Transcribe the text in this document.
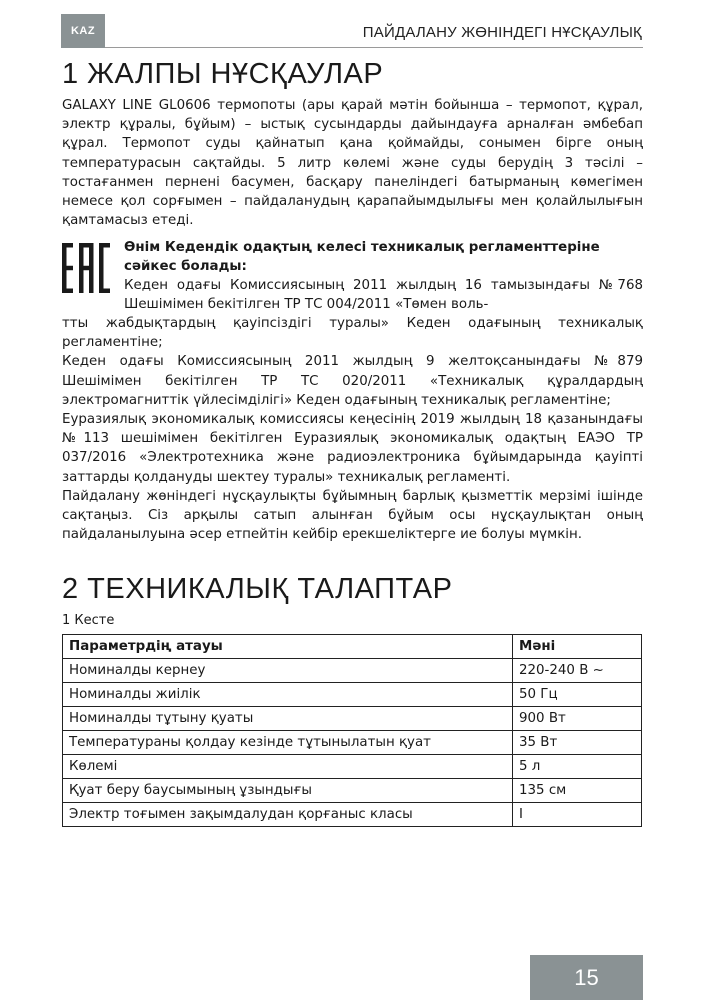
KAZ	ПАЙДАЛАНУ ЖӨНІНДЕГІ НҰСҚАУЛЫҚ
1 ЖАЛПЫ НҰСҚАУЛАР

GALAXY LINE GL0606 термопоты (ары қарай мәтін бойынша – термопот, құрал, электр құралы, бұйым) – ыстық сусындарды дайындауға арналған әмбебап құрал. Термопот суды қайнатып қана қоймайды, сонымен бірге оның температурасын сақтайды. 5 литр көлемі және суды берудің 3 тәсілі – тостағанмен пернені басумен, басқару панеліндегі батырманың көмегімен немесе қол сорғымен – пайдаланудың қарапайымдылығы мен қолайлылығын қамтамасыз етеді.

Өнім Кедендік одақтың келесі техникалық регламенттеріне сәйкес болады:

Кеден одағы Комиссиясының 2011 жылдың 16 тамызындағы №768 Шешімімен бекітілген ТР ТС 004/2011 «Төмен воль-

тты жабдықтардың қауіпсіздігі туралы» Кеден одағының техникалық регламентіне;
Кеден одағы Комиссиясының 2011 жылдың 9 желтоқсанындағы №879 Шешімімен бекітілген ТР ТС 020/2011 «Техникалық құралдардың электромагниттік үйлесімділігі» Кеден одағының техникалық регламентіне;
Еуразиялық экономикалық комиссиясы кеңесінің 2019 жылдың 18 қазанындағы №113 шешімімен бекітілген Еуразиялық экономикалық одақтың ЕАЭО ТР 037/2016 «Электротехника және радиоэлектроника бұйымдарында қауіпті заттарды қолдануды шектеу туралы» техникалық регламенті.
Пайдалану жөніндегі нұсқаулықты бұйымның барлық қызметтік мерзімі ішінде сақтаңыз. Сіз арқылы сатып алынған бұйым осы нұсқаулықтан оның пайдаланылуына әсер етпейтін кейбір ерекшеліктерге ие болуы мүмкін.

2 ТЕХНИКАЛЫҚ ТАЛАПТАР
1 Кесте
Параметрдің атауы	Мәні
Номиналды кернеу	220-240 В ~
Номиналды жиілік	50 Гц
Номиналды тұтыну қуаты	900 Вт
Температураны қолдау кезінде тұтынылатын қуат	35 Вт
Көлемі	5 л
Қуат беру баусымының ұзындығы	135 см
Электр тоғымен зақымдалудан қорғаныс класы	I
15
